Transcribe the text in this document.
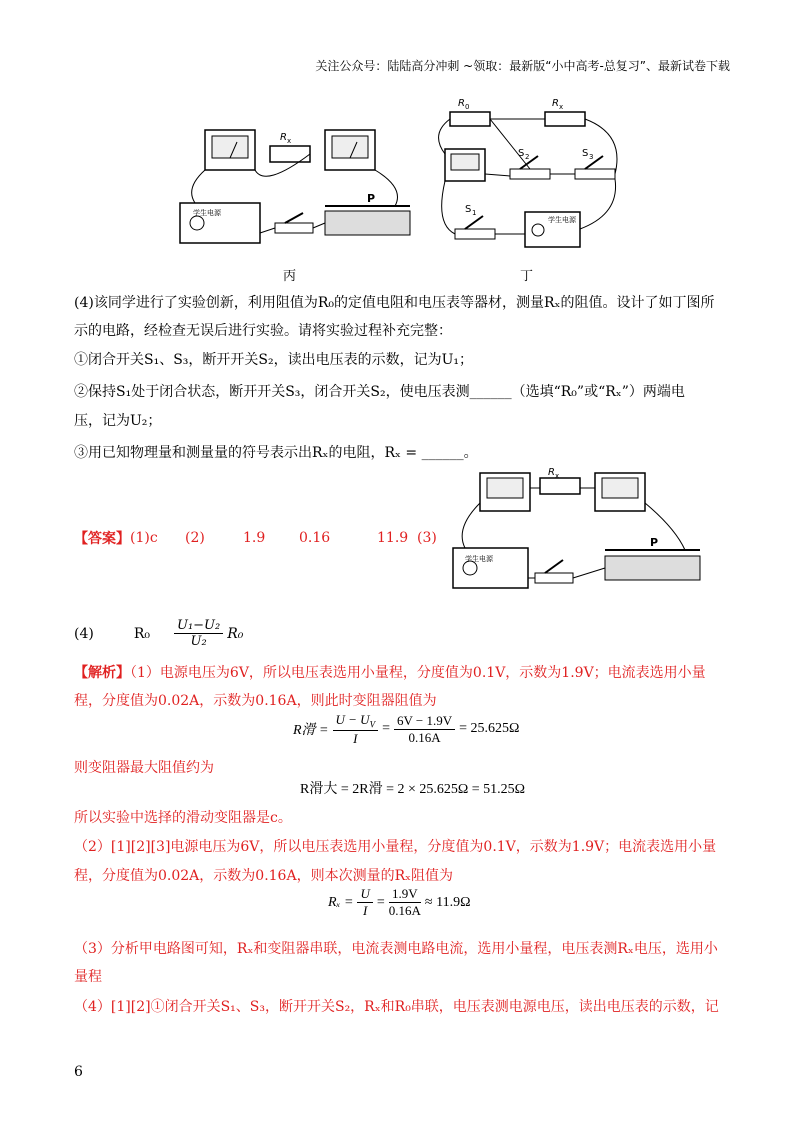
关注公众号：陆陆高分冲刺 ~领取：最新版“小中高考-总复习”、最新试卷下载
R x
学生电源
P
丙
R 0	R x
S 2	S 3
S 1
学生电源
丁
(4)该同学进行了实验创新，利用阻值为R₀的定值电阻和电压表等器材，测量Rₓ的阻值。设计了如丁图所
示的电路，经检查无误后进行实验。请将实验过程补充完整：
①闭合开关S₁、S₃，断开开关S₂，读出电压表的示数，记为U₁；
②保持S₁处于闭合状态，断开开关S₃，闭合开关S₂，使电压表测______（选填“R₀”或“Rₓ”）两端电
压，记为U₂；
③用已知物理量和测量量的符号表示出Rₓ的电阻，Rₓ = ______。
R x
学生电源
P
【答案】 (1)c	(2)	1.9	0.16	11.9 (3)
(4)	$R_0 \frac{\text{U₁−U₂}}{\text{U₂}} R_0$
【解析】（1）电源电压为6V，所以电压表选用小量程，分度值为0.1V，示数为1.9V；电流表选用小量
程，分度值为0.02A，示数为0.16A，则此时变阻器阻值为
R滑 = $\frac{U - U_V}{I} = \frac{6V - 1.9V}{0.16A} = 25.625\Omega$
则变阻器最大阻值约为
R滑大 = 2R滑 = 2 × 25.625Ω = 51.25Ω
所以实验中选择的滑动变阻器是c。
（2）[1][2][3]电源电压为6V，所以电压表选用小量程，分度值为0.1V，示数为1.9V；电流表选用小量
程，分度值为0.02A，示数为0.16A，则本次测量的Rₓ阻值为
$R_x = \frac{U}{I} = \frac{1.9V}{0.16A} \approx 11.9\Omega$
（3）分析甲电路图可知，Rₓ和变阻器串联，电流表测电路电流，选用小量程，电压表测Rₓ电压，选用小
量程
（4）[1][2]①闭合开关S₁、S₃，断开开关S₂，Rₓ和R₀串联，电压表测电源电压，读出电压表的示数，记
6
